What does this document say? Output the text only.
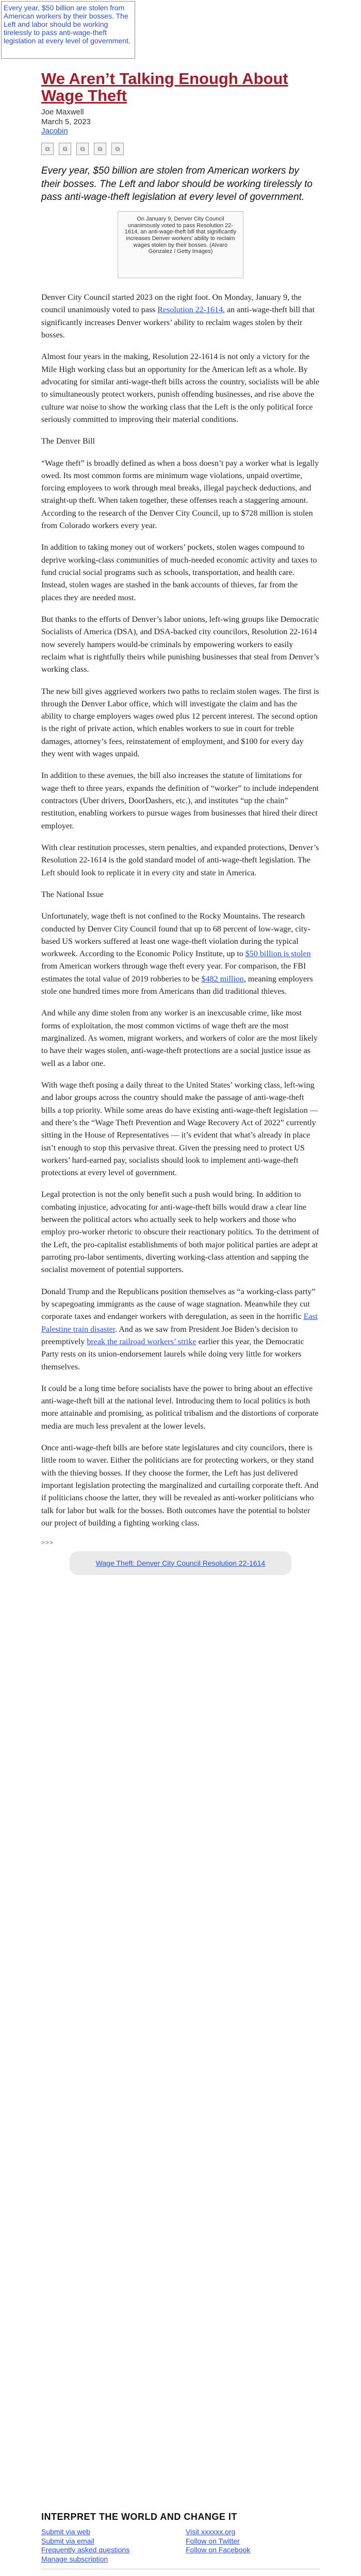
Every year, $50 billion are stolen from American workers by their bosses. The Left and labor should be working tirelessly to pass anti-wage-theft legislation at every level of government.
We Aren’t Talking Enough About Wage Theft
Joe Maxwell
March 5, 2023
Jacobin
⧉	⧉	⧉	⧉	⧉
Every year, $50 billion are stolen from American workers by their bosses. The Left and labor should be working tirelessly to pass anti-wage-theft legislation at every level of government.
On January 9, Denver City Council unanimously voted to pass Resolution 22-1614, an anti-wage-theft bill that significantly increases Denver workers’ ability to reclaim wages stolen by their bosses. (Alvaro Gonzalez / Getty Images)

Denver City Council started 2023 on the right foot. On Monday, January 9, the council unanimously voted to pass Resolution 22-1614, an anti-wage-theft bill that significantly increases Denver workers’ ability to reclaim wages stolen by their bosses.

Almost four years in the making, Resolution 22-1614 is not only a victory for the Mile High working class but an opportunity for the American left as a whole. By advocating for similar anti-wage-theft bills across the country, socialists will be able to simultaneously protect workers, punish offending businesses, and rise above the culture war noise to show the working class that the Left is the only political force seriously committed to improving their material conditions.

The Denver Bill

“Wage theft” is broadly defined as when a boss doesn’t pay a worker what is legally owed. Its most common forms are minimum wage violations, unpaid overtime, forcing employees to work through meal breaks, illegal paycheck deductions, and straight-up theft. When taken together, these offenses reach a staggering amount. According to the research of the Denver City Council, up to $728 million is stolen from Colorado workers every year.

In addition to taking money out of workers’ pockets, stolen wages compound to deprive working-class communities of much-needed economic activity and taxes to fund crucial social programs such as schools, transportation, and health care. Instead, stolen wages are stashed in the bank accounts of thieves, far from the places they are needed most.

But thanks to the efforts of Denver’s labor unions, left-wing groups like Democratic Socialists of America (DSA), and DSA-backed city councilors, Resolution 22-1614 now severely hampers would-be criminals by empowering workers to easily reclaim what is rightfully theirs while punishing businesses that steal from Denver’s working class.

The new bill gives aggrieved workers two paths to reclaim stolen wages. The first is through the Denver Labor office, which will investigate the claim and has the ability to charge employers wages owed plus 12 percent interest. The second option is the right of private action, which enables workers to sue in court for treble damages, attorney’s fees, reinstatement of employment, and $100 for every day they went with wages unpaid.

In addition to these avenues, the bill also increases the statute of limitations for wage theft to three years, expands the definition of “worker” to include independent contractors (Uber drivers, DoorDashers, etc.), and institutes “up the chain” restitution, enabling workers to pursue wages from businesses that hired their direct employer.

With clear restitution processes, stern penalties, and expanded protections, Denver’s Resolution 22-1614 is the gold standard model of anti-wage-theft legislation. The Left should look to replicate it in every city and state in America.

The National Issue

Unfortunately, wage theft is not confined to the Rocky Mountains. The research conducted by Denver City Council found that up to 68 percent of low-wage, city-based US workers suffered at least one wage-theft violation during the typical workweek. According to the Economic Policy Institute, up to $50 billion is stolen from American workers through wage theft every year. For comparison, the FBI estimates the total value of 2019 robberies to be $482 million, meaning employers stole one hundred times more from Americans than did traditional thieves.

And while any dime stolen from any worker is an inexcusable crime, like most forms of exploitation, the most common victims of wage theft are the most marginalized. As women, migrant workers, and workers of color are the most likely to have their wages stolen, anti-wage-theft protections are a social justice issue as well as a labor one.

With wage theft posing a daily threat to the United States’ working class, left-wing and labor groups across the country should make the passage of anti-wage-theft bills a top priority. While some areas do have existing anti-wage-theft legislation — and there’s the “Wage Theft Prevention and Wage Recovery Act of 2022” currently sitting in the House of Representatives — it’s evident that what’s already in place isn’t enough to stop this pervasive threat. Given the pressing need to protect US workers’ hard-earned pay, socialists should look to implement anti-wage-theft protections at every level of government.

Legal protection is not the only benefit such a push would bring. In addition to combating injustice, advocating for anti-wage-theft bills would draw a clear line between the political actors who actually seek to help workers and those who employ pro-worker rhetoric to obscure their reactionary politics. To the detriment of the Left, the pro-capitalist establishments of both major political parties are adept at parroting pro-labor sentiments, diverting working-class attention and sapping the socialist movement of potential supporters.

Donald Trump and the Republicans position themselves as “a working-class party” by scapegoating immigrants as the cause of wage stagnation. Meanwhile they cut corporate taxes and endanger workers with deregulation, as seen in the horrific East Palestine train disaster. And as we saw from President Joe Biden’s decision to preemptively break the railroad workers’ strike earlier this year, the Democratic Party rests on its union-endorsement laurels while doing very little for workers themselves.

It could be a long time before socialists have the power to bring about an effective anti-wage-theft bill at the national level. Introducing them to local politics is both more attainable and promising, as political tribalism and the distortions of corporate media are much less prevalent at the lower levels.

Once anti-wage-theft bills are before state legislatures and city councilors, there is little room to waver. Either the politicians are for protecting workers, or they stand with the thieving bosses. If they choose the former, the Left has just delivered important legislation protecting the marginalized and curtailing corporate theft. And if politicians choose the latter, they will be revealed as anti-worker politicians who talk for labor but walk for the bosses. Both outcomes have the potential to bolster our project of building a fighting working class.

>>>
Wage Theft: Denver City Council Resolution 22-1614
INTERPRET THE WORLD AND CHANGE IT
Submit via web
Submit via email
Frequently asked questions
Manage subscription
Visit xxxxxx.org
Follow on Twitter
Follow on Facebook
